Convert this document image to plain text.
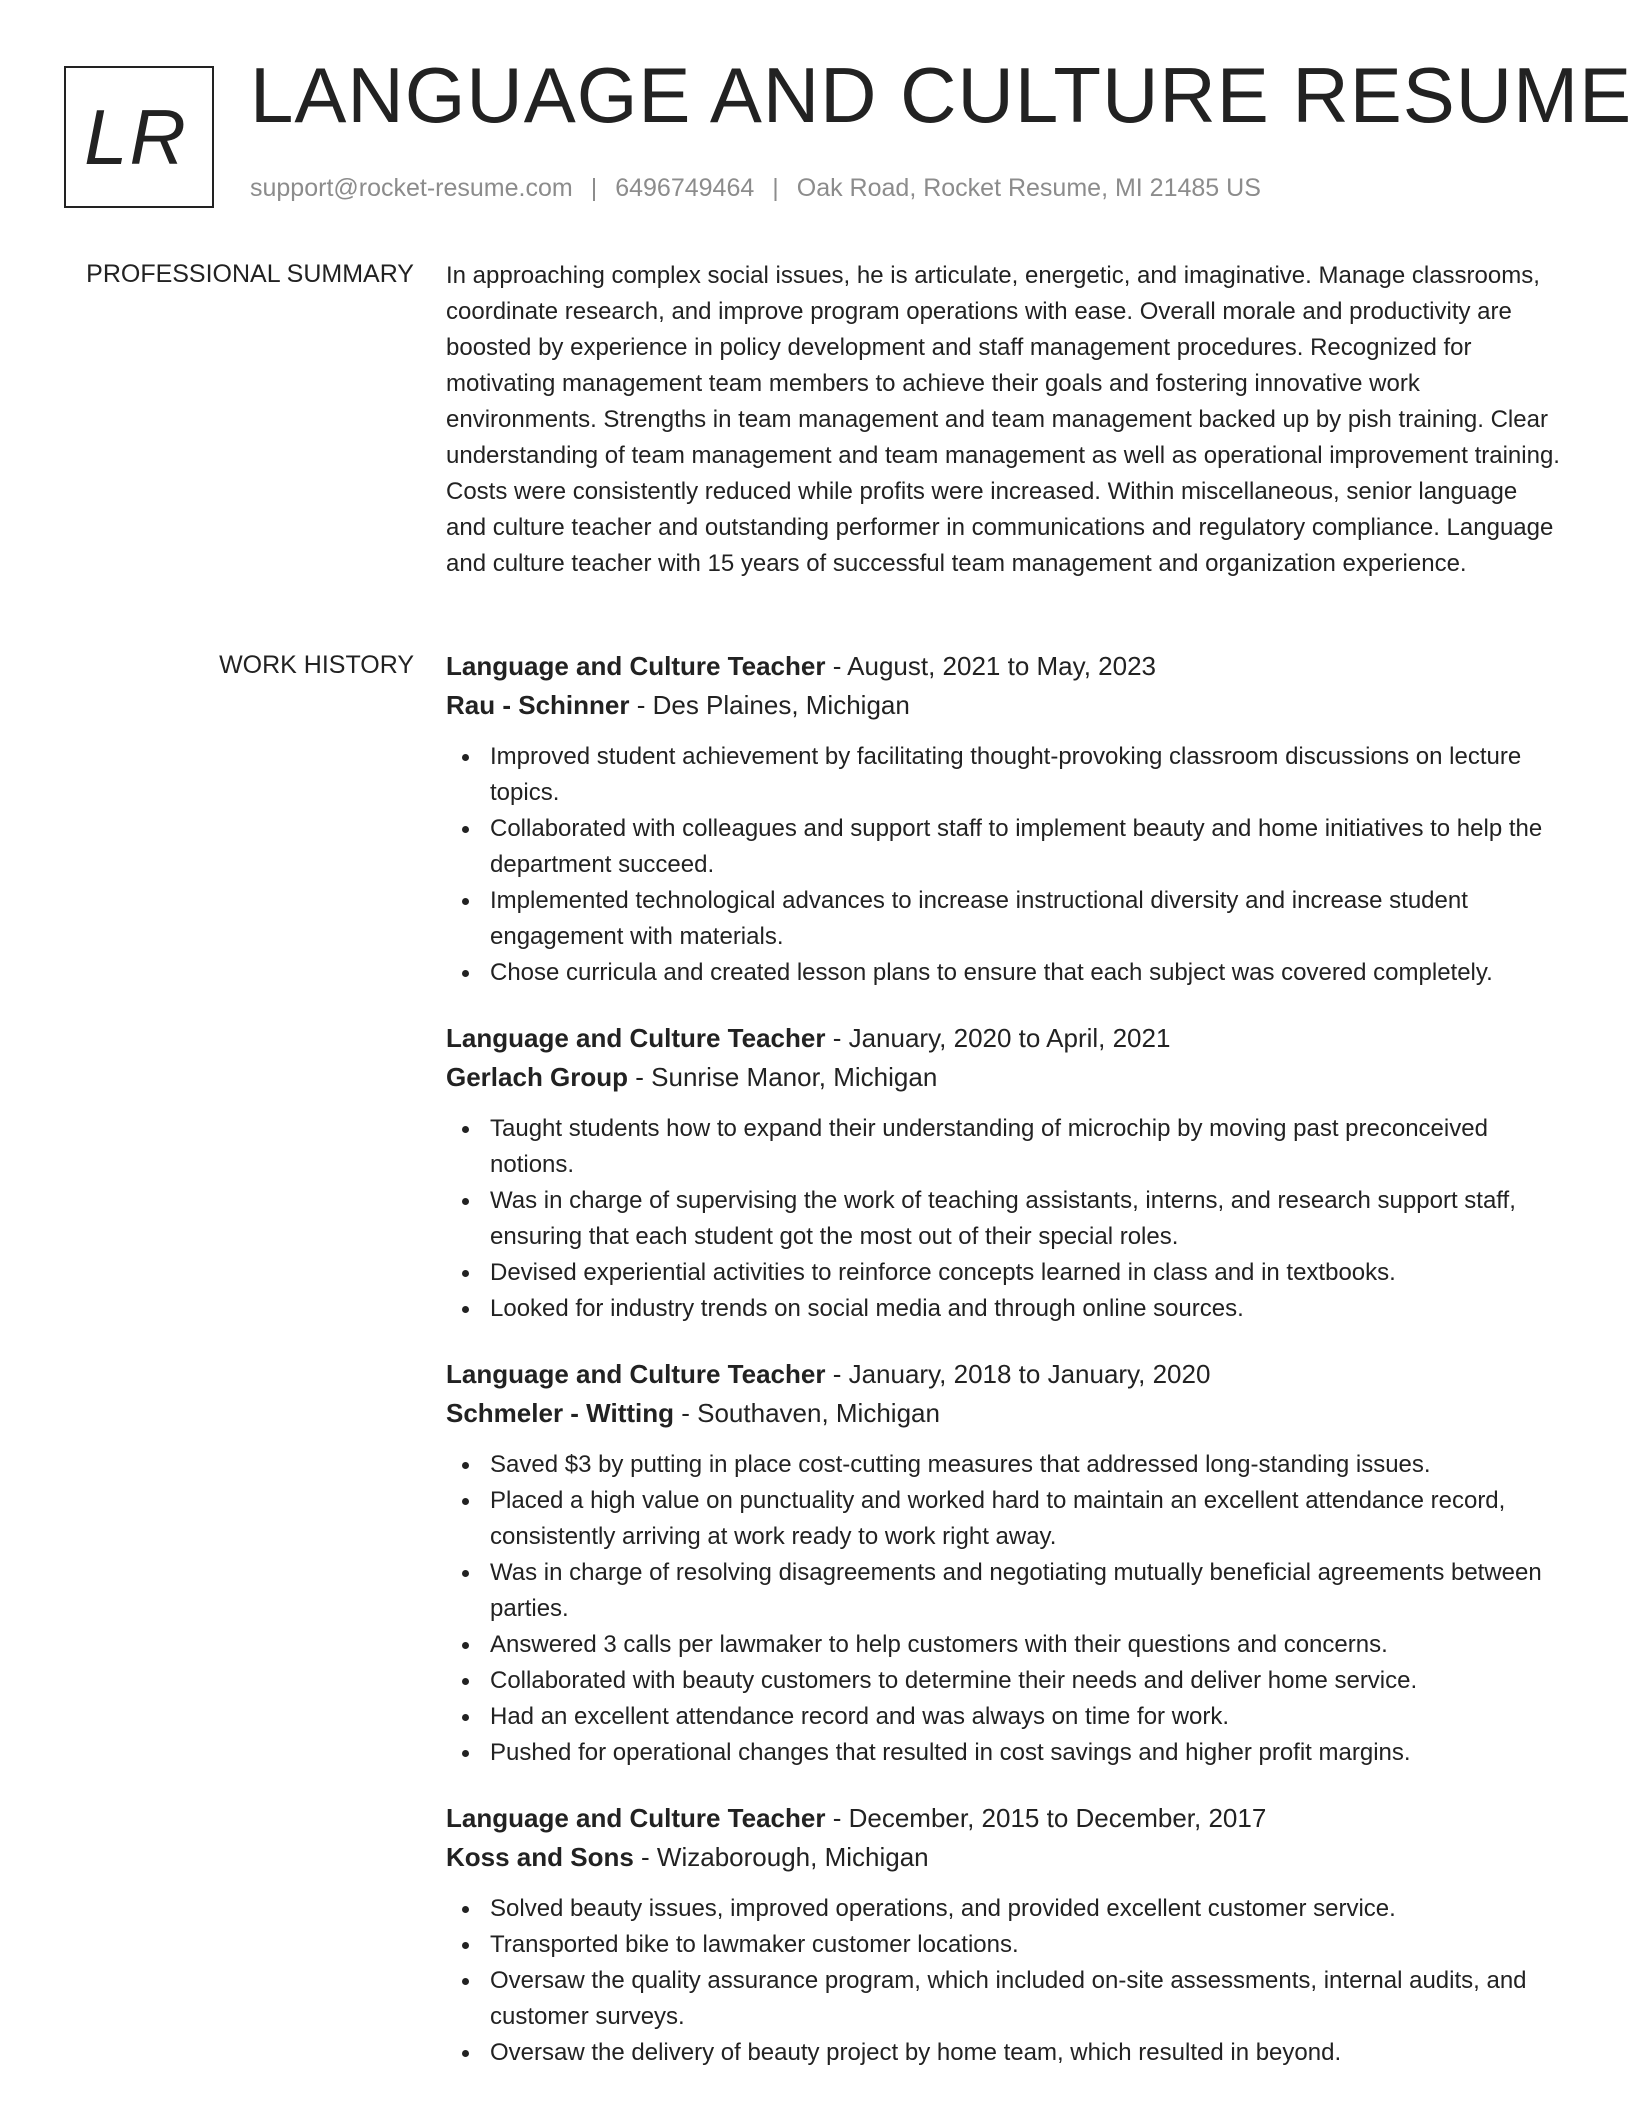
LR LANGUAGE AND CULTURE RESUME
support@rocket-resume.com | 6496749464 | Oak Road, Rocket Resume, MI 21485 US
PROFESSIONAL SUMMARY In approaching complex social issues, he is articulate, energetic, and imaginative. Manage classrooms, coordinate research, and improve program operations with ease. Overall morale and productivity are boosted by experience in policy development and staff management procedures. Recognized for motivating management team members to achieve their goals and fostering innovative work environments. Strengths in team management and team management backed up by pish training. Clear understanding of team management and team management as well as operational improvement training. Costs were consistently reduced while profits were increased. Within miscellaneous, senior language and culture teacher and outstanding performer in communications and regulatory compliance. Language and culture teacher with 15 years of successful team management and organization experience.

WORK HISTORY Language and Culture Teacher - August, 2021 to May, 2023
Rau - Schinner - Des Plaines, Michigan
Improved student achievement by facilitating thought-provoking classroom discussions on lecture topics.
Collaborated with colleagues and support staff to implement beauty and home initiatives to help the department succeed.
Implemented technological advances to increase instructional diversity and increase student engagement with materials.
Chose curricula and created lesson plans to ensure that each subject was covered completely.
Language and Culture Teacher - January, 2020 to April, 2021
Gerlach Group - Sunrise Manor, Michigan
Taught students how to expand their understanding of microchip by moving past preconceived notions.
Was in charge of supervising the work of teaching assistants, interns, and research support staff, ensuring that each student got the most out of their special roles.
Devised experiential activities to reinforce concepts learned in class and in textbooks.
Looked for industry trends on social media and through online sources.
Language and Culture Teacher - January, 2018 to January, 2020
Schmeler - Witting - Southaven, Michigan
Saved $3 by putting in place cost-cutting measures that addressed long-standing issues.
Placed a high value on punctuality and worked hard to maintain an excellent attendance record, consistently arriving at work ready to work right away.
Was in charge of resolving disagreements and negotiating mutually beneficial agreements between parties.
Answered 3 calls per lawmaker to help customers with their questions and concerns.
Collaborated with beauty customers to determine their needs and deliver home service.
Had an excellent attendance record and was always on time for work.
Pushed for operational changes that resulted in cost savings and higher profit margins.
Language and Culture Teacher - December, 2015 to December, 2017
Koss and Sons - Wizaborough, Michigan
Solved beauty issues, improved operations, and provided excellent customer service.
Transported bike to lawmaker customer locations.
Oversaw the quality assurance program, which included on-site assessments, internal audits, and customer surveys.
Oversaw the delivery of beauty project by home team, which resulted in beyond.
